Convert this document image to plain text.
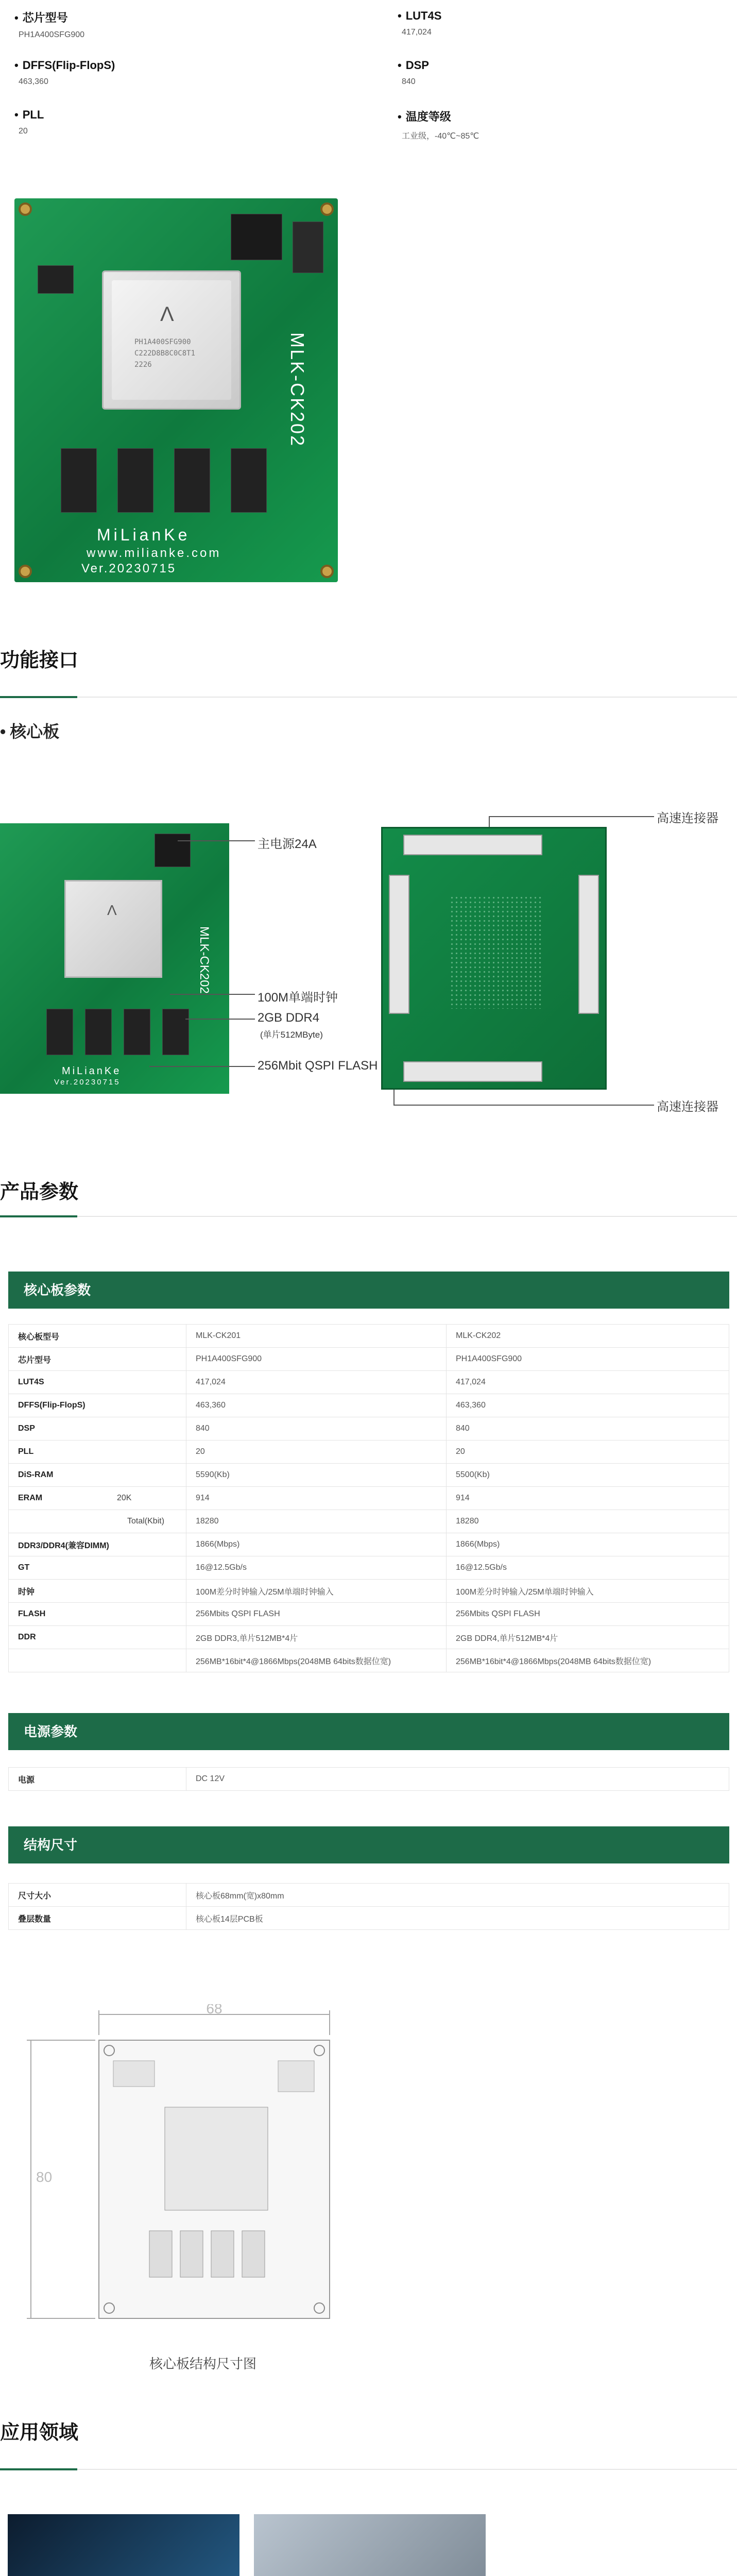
• 芯片型号
PH1A400SFG900
• LUT4S
417,024
• DFFS(Flip-FlopS)
463,360
• DSP
840
• PLL
20
• 温度等级
工业级，-40℃~85℃
Λ
PH1A400SFG900
C222D8B8C0C8T1
2226	MLK-CK202
MiLianKe
www.milianke.com
Ver.20230715
功能接口
• 核心板
Λ
MLK-CK202
MiLianKe
Ver.20230715
主电源24A
100M单端时钟
2GB DDR4
(单片512MByte)
256Mbit QSPI FLASH
高速连接器
高速连接器
产品参数
核心板参数
核心板型号	MLK-CK201	MLK-CK202
芯片型号	PH1A400SFG900	PH1A400SFG900
LUT4S	417,024	417,024
DFFS(Flip-FlopS)	463,360	463,360
DSP	840	840
PLL	20	20
DiS-RAM	5590(Kb)	5500(Kb)
ERAM 20K	914	914

Total(Kbit)	18280	18280
DDR3/DDR4(兼容DIMM)	1866(Mbps)	1866(Mbps)
GT	16@12.5Gb/s	16@12.5Gb/s
时钟	100M差分时钟输入/25M单端时钟输入	100M差分时钟输入/25M单端时钟输入
FLASH	256Mbits QSPI FLASH	256Mbits QSPI FLASH
DDR	2GB DDR3,单片512MB*4片	2GB DDR4,单片512MB*4片
	256MB*16bit*4@1866Mbps(2048MB 64bits数据位宽)	256MB*16bit*4@1866Mbps(2048MB 64bits数据位宽)
电源参数
电源	DC 12V
结构尺寸
尺寸大小	核心板68mm(宽)x80mm
叠层数量	核心板14层PCB板
68
80
核心板结构尺寸图
应用领域
